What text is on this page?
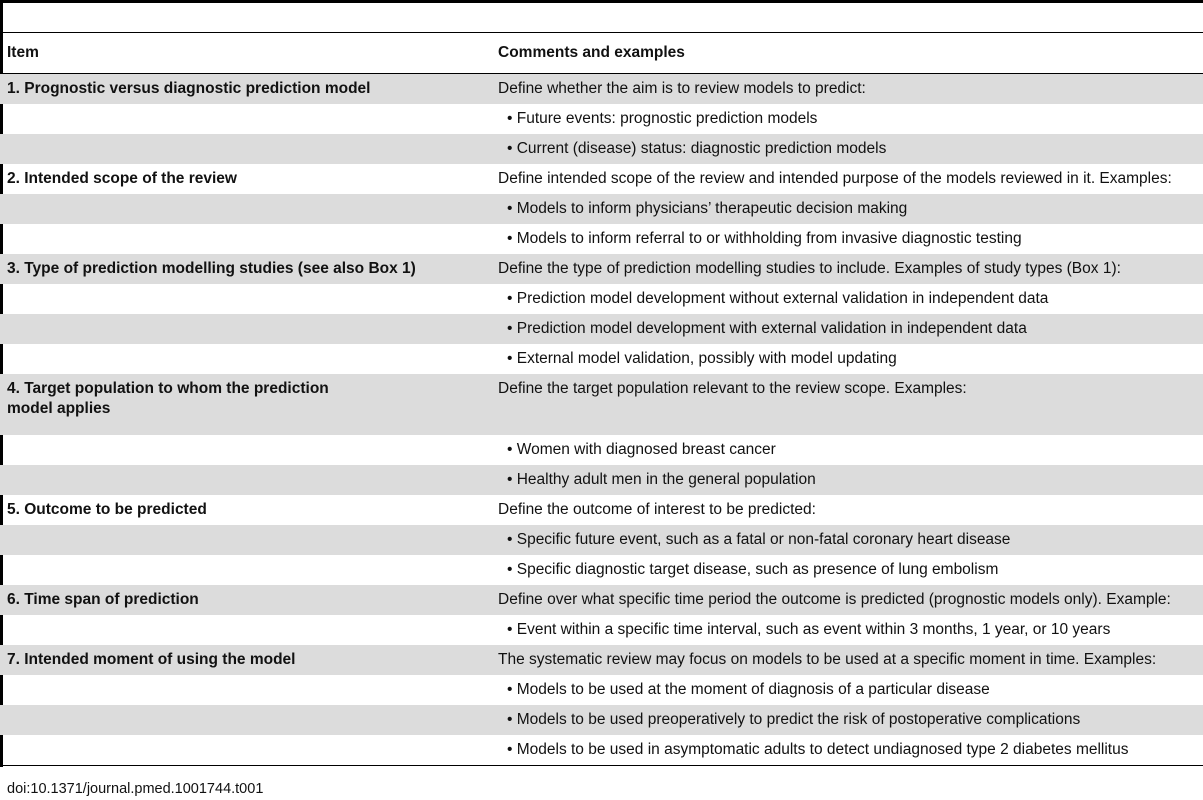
Item	Comments and examples
1. Prognostic versus diagnostic prediction model	Define whether the aim is to review models to predict:
	• Future events: prognostic prediction models
	• Current (disease) status: diagnostic prediction models
2. Intended scope of the review	Define intended scope of the review and intended purpose of the models reviewed in it. Examples:
	• Models to inform physicians’ therapeutic decision making
	• Models to inform referral to or withholding from invasive diagnostic testing
3. Type of prediction modelling studies (see also Box 1)	Define the type of prediction modelling studies to include. Examples of study types (Box 1):
	• Prediction model development without external validation in independent data
	• Prediction model development with external validation in independent data
	• External model validation, possibly with model updating
4. Target population to whom the prediction
model applies	Define the target population relevant to the review scope. Examples:
	• Women with diagnosed breast cancer
	• Healthy adult men in the general population
5. Outcome to be predicted	Define the outcome of interest to be predicted:
	• Specific future event, such as a fatal or non-fatal coronary heart disease
	• Specific diagnostic target disease, such as presence of lung embolism
6. Time span of prediction	Define over what specific time period the outcome is predicted (prognostic models only). Example:
	• Event within a specific time interval, such as event within 3 months, 1 year, or 10 years
7. Intended moment of using the model	The systematic review may focus on models to be used at a specific moment in time. Examples:
	• Models to be used at the moment of diagnosis of a particular disease
	• Models to be used preoperatively to predict the risk of postoperative complications
	• Models to be used in asymptomatic adults to detect undiagnosed type 2 diabetes mellitus
doi:10.1371/journal.pmed.1001744.t001
